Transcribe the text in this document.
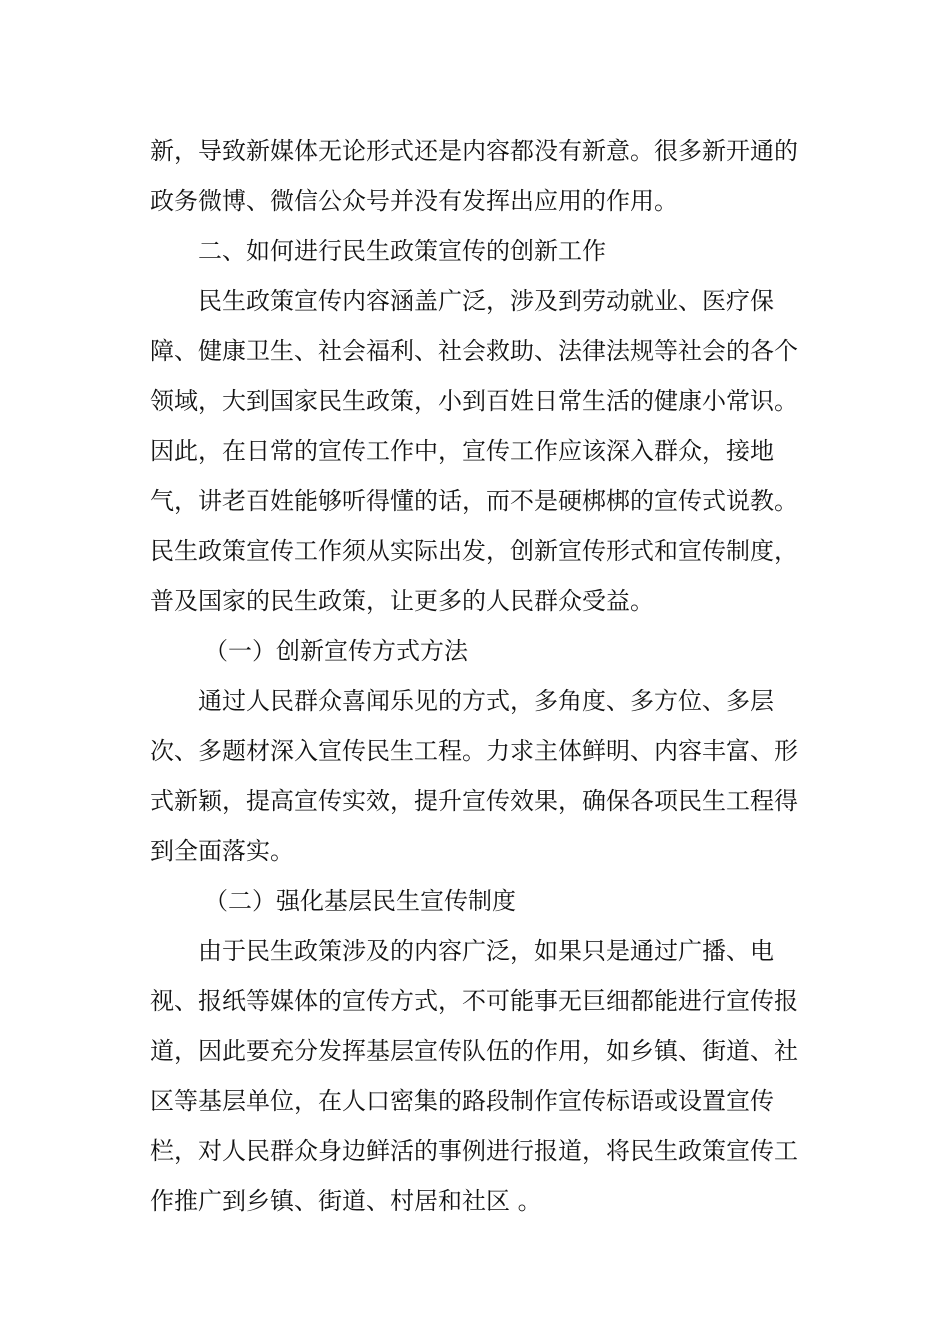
新，导致新媒体无论形式还是内容都没有新意。很多新开通的
政务微博、微信公众号并没有发挥出应用的作用。
二、如何进行民生政策宣传的创新工作
民生政策宣传内容涵盖广泛，涉及到劳动就业、医疗保
障、健康卫生、社会福利、社会救助、法律法规等社会的各个
领域，大到国家民生政策，小到百姓日常生活的健康小常识。
因此，在日常的宣传工作中，宣传工作应该深入群众，接地
气，讲老百姓能够听得懂的话，而不是硬梆梆的宣传式说教。
民生政策宣传工作须从实际出发，创新宣传形式和宣传制度，
普及国家的民生政策，让更多的人民群众受益。
（一）创新宣传方式方法
通过人民群众喜闻乐见的方式，多角度、多方位、多层
次、多题材深入宣传民生工程。力求主体鲜明、内容丰富、形
式新颖，提高宣传实效，提升宣传效果，确保各项民生工程得
到全面落实。
（二）强化基层民生宣传制度
由于民生政策涉及的内容广泛，如果只是通过广播、电
视、报纸等媒体的宣传方式，不可能事无巨细都能进行宣传报
道，因此要充分发挥基层宣传队伍的作用，如乡镇、街道、社
区等基层单位，在人口密集的路段制作宣传标语或设置宣传
栏，对人民群众身边鲜活的事例进行报道，将民生政策宣传工
作推广到乡镇、街道、村居和社区 。
